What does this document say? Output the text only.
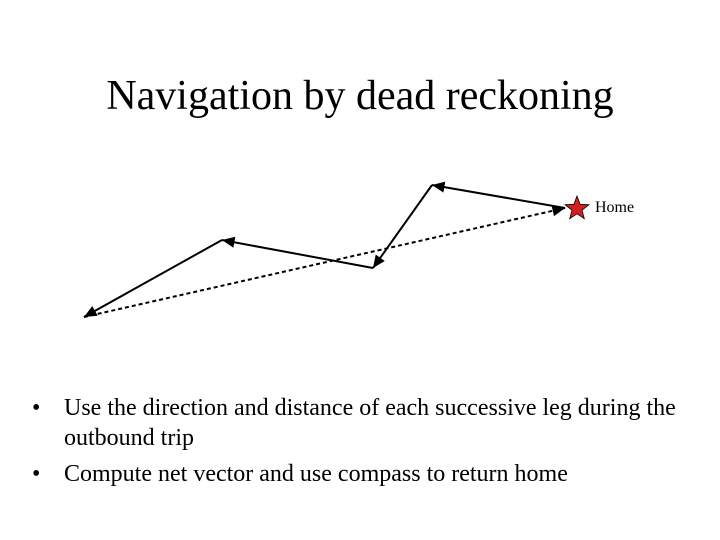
Navigation by dead reckoning
Home
• Use the direction and distance of each successive leg during the outbound trip
• Compute net vector and use compass to return home
